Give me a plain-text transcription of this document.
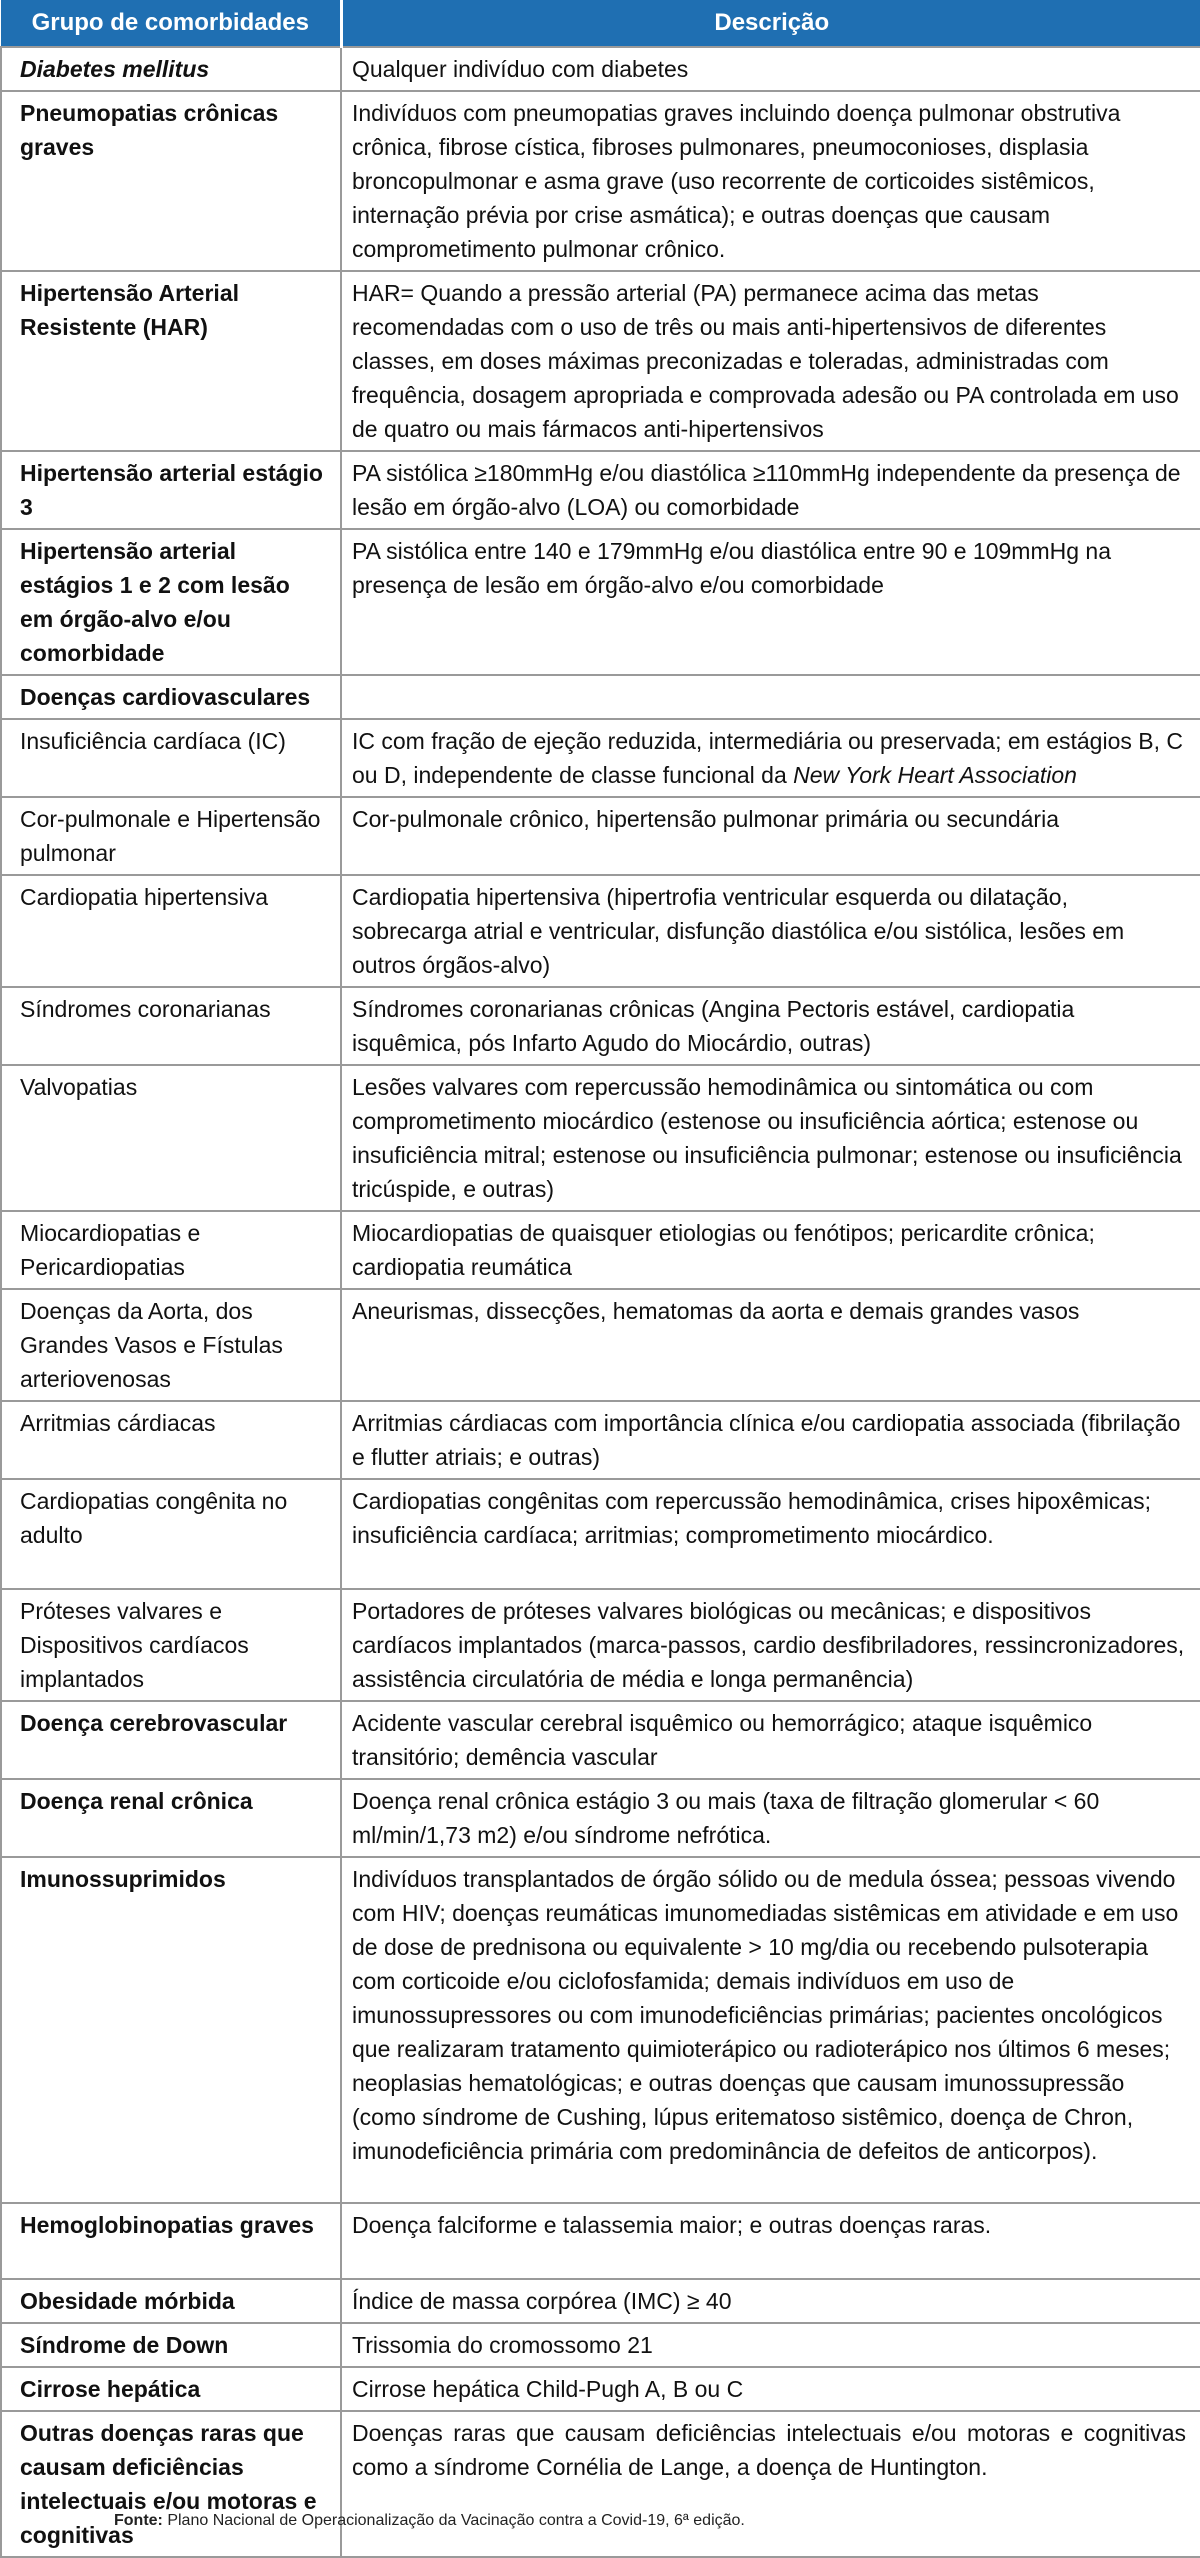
Grupo de comorbidades	Descrição
Diabetes mellitus	Qualquer indivíduo com diabetes
Pneumopatias crônicas graves	Indivíduos com pneumopatias graves incluindo doença pulmonar obstrutiva crônica, fibrose cística, fibroses pulmonares, pneumoconioses, displasia broncopulmonar e asma grave (uso recorrente de corticoides sistêmicos, internação prévia por crise asmática); e outras doenças que causam comprometimento pulmonar crônico.
Hipertensão Arterial Resistente (HAR)	HAR= Quando a pressão arterial (PA) permanece acima das metas recomendadas com o uso de três ou mais anti-hipertensivos de diferentes classes, em doses máximas preconizadas e toleradas, administradas com frequência, dosagem apropriada e comprovada adesão ou PA controlada em uso de quatro ou mais fármacos anti-hipertensivos
Hipertensão arterial estágio 3	PA sistólica ≥180mmHg e/ou diastólica ≥110mmHg independente da presença de lesão em órgão-alvo (LOA) ou comorbidade
Hipertensão arterial estágios 1 e 2 com lesão em órgão-alvo e/ou comorbidade	PA sistólica entre 140 e 179mmHg e/ou diastólica entre 90 e 109mmHg na presença de lesão em órgão-alvo e/ou comorbidade
Doenças cardiovasculares	
Insuficiência cardíaca (IC)	IC com fração de ejeção reduzida, intermediária ou preservada; em estágios B, C ou D, independente de classe funcional da New York Heart Association
Cor-pulmonale e Hipertensão pulmonar	Cor-pulmonale crônico, hipertensão pulmonar primária ou secundária
Cardiopatia hipertensiva	Cardiopatia hipertensiva (hipertrofia ventricular esquerda ou dilatação, sobrecarga atrial e ventricular, disfunção diastólica e/ou sistólica, lesões em outros órgãos-alvo)
Síndromes coronarianas	Síndromes coronarianas crônicas (Angina Pectoris estável, cardiopatia isquêmica, pós Infarto Agudo do Miocárdio, outras)
Valvopatias	Lesões valvares com repercussão hemodinâmica ou sintomática ou com comprometimento miocárdico (estenose ou insuficiência aórtica; estenose ou insuficiência mitral; estenose ou insuficiência pulmonar; estenose ou insuficiência tricúspide, e outras)
Miocardiopatias e Pericardiopatias	Miocardiopatias de quaisquer etiologias ou fenótipos; pericardite crônica; cardiopatia reumática
Doenças da Aorta, dos Grandes Vasos e Fístulas arteriovenosas	Aneurismas, dissecções, hematomas da aorta e demais grandes vasos
Arritmias cárdiacas	Arritmias cárdiacas com importância clínica e/ou cardiopatia associada (fibrilação e flutter atriais; e outras)
Cardiopatias congênita no adulto	Cardiopatias congênitas com repercussão hemodinâmica, crises hipoxêmicas; insuficiência cardíaca; arritmias; comprometimento miocárdico.
Próteses valvares e Dispositivos cardíacos implantados	Portadores de próteses valvares biológicas ou mecânicas; e dispositivos cardíacos implantados (marca-passos, cardio desfibriladores, ressincronizadores, assistência circulatória de média e longa permanência)
Doença cerebrovascular	Acidente vascular cerebral isquêmico ou hemorrágico; ataque isquêmico transitório; demência vascular
Doença renal crônica	Doença renal crônica estágio 3 ou mais (taxa de filtração glomerular < 60 ml/min/1,73 m2) e/ou síndrome nefrótica.
Imunossuprimidos	Indivíduos transplantados de órgão sólido ou de medula óssea; pessoas vivendo com HIV; doenças reumáticas imunomediadas sistêmicas em atividade e em uso de dose de prednisona ou equivalente > 10 mg/dia ou recebendo pulsoterapia com corticoide e/ou ciclofosfamida; demais indivíduos em uso de imunossupressores ou com imunodeficiências primárias; pacientes oncológicos que realizaram tratamento quimioterápico ou radioterápico nos últimos 6 meses; neoplasias hematológicas; e outras doenças que causam imunossupressão (como síndrome de Cushing, lúpus eritematoso sistêmico, doença de Chron, imunodeficiência primária com predominância de defeitos de anticorpos).
Hemoglobinopatias graves	Doença falciforme e talassemia maior; e outras doenças raras.
Obesidade mórbida	Índice de massa corpórea (IMC) ≥ 40
Síndrome de Down	Trissomia do cromossomo 21
Cirrose hepática	Cirrose hepática Child-Pugh A, B ou C
Outras doenças raras que causam deficiências intelectuais e/ou motoras e cognitivas	Doenças raras que causam deficiências intelectuais e/ou motoras e cognitivas como a síndrome Cornélia de Lange, a doença de Huntington.
Fonte: Plano Nacional de Operacionalização da Vacinação contra a Covid-19, 6ª edição.
